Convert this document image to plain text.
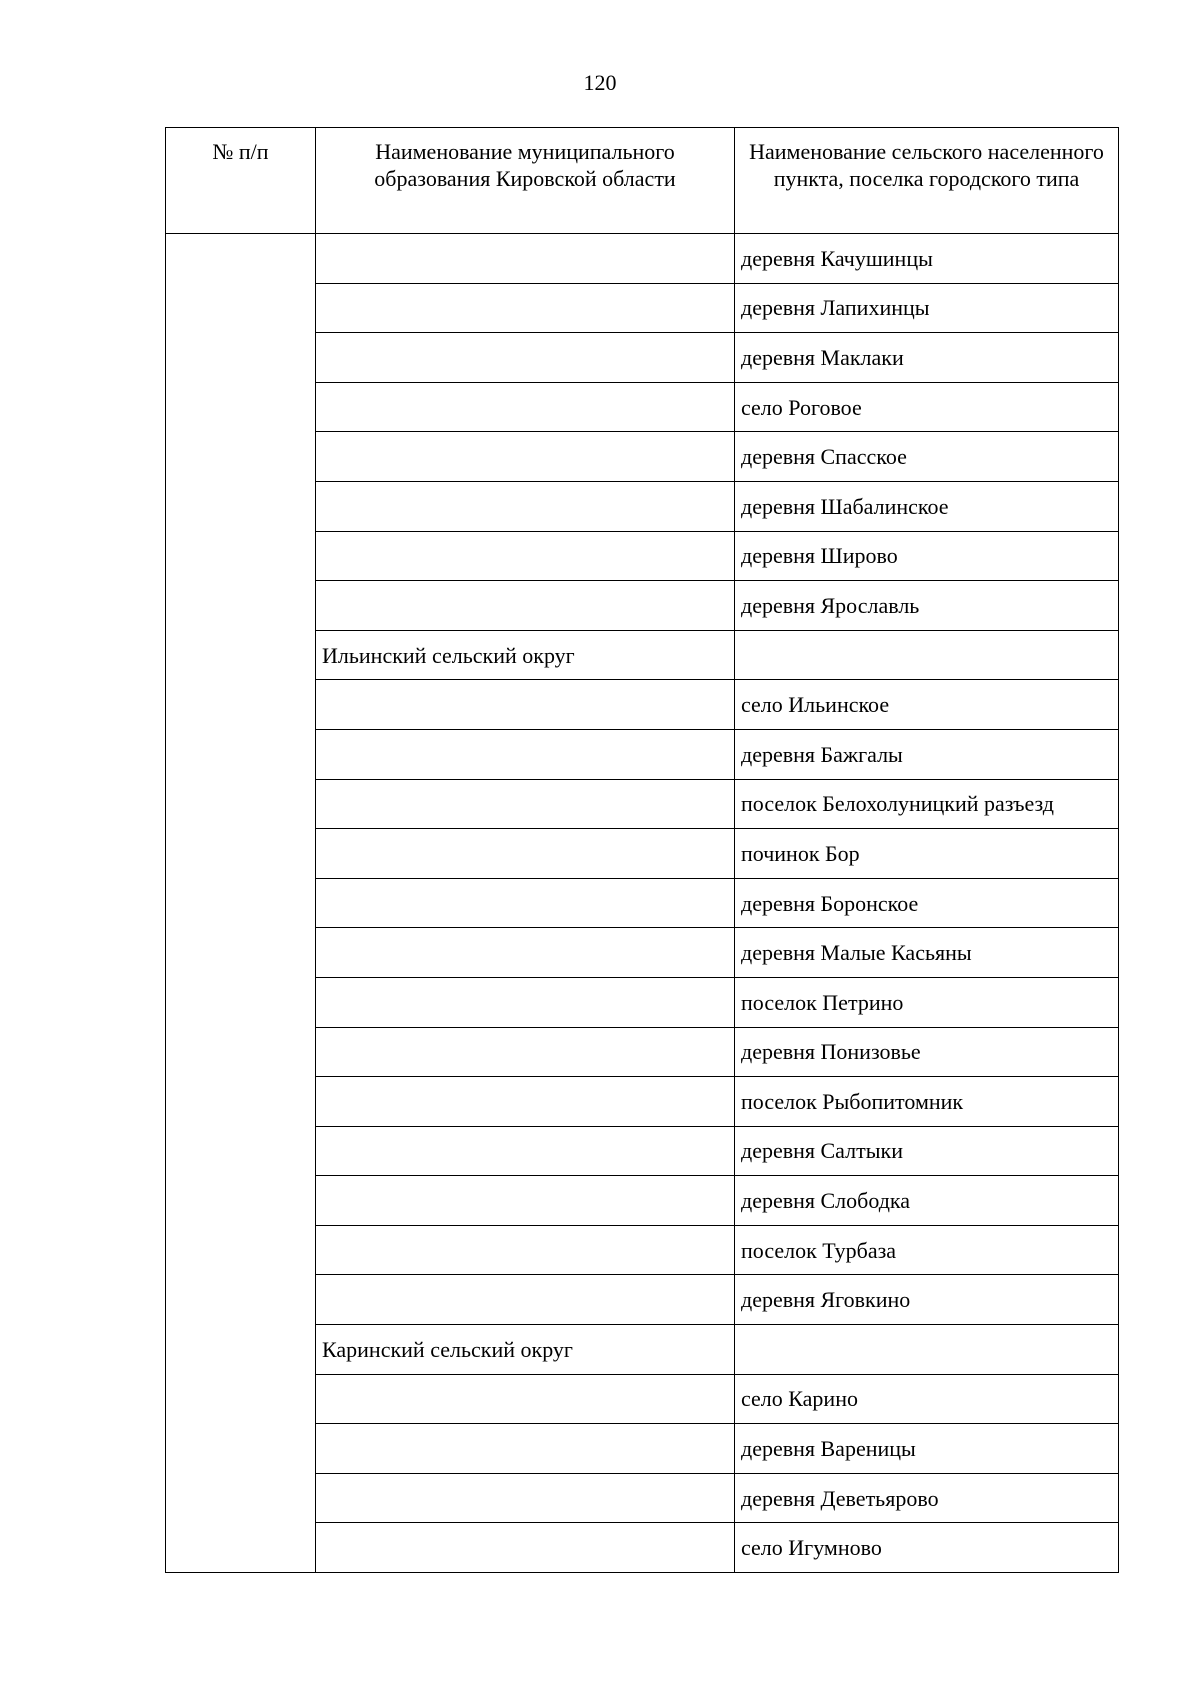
120
№ п/п	Наименование муниципального образования Кировской области	Наименование сельского населенного пункта, поселка городского типа
		деревня Качушинцы
		деревня Лапихинцы
		деревня Маклаки
		село Роговое
		деревня Спасское
		деревня Шабалинское
		деревня Широво
		деревня Ярославль
	Ильинский сельский округ	
		село Ильинское
		деревня Бажгалы
		поселок Белохолуницкий разъезд
		починок Бор
		деревня Боронское
		деревня Малые Касьяны
		поселок Петрино
		деревня Понизовье
		поселок Рыбопитомник
		деревня Салтыки
		деревня Слободка
		поселок Турбаза
		деревня Яговкино
	Каринский сельский округ	
		село Карино
		деревня Вареницы
		деревня Деветьярово
		село Игумново
